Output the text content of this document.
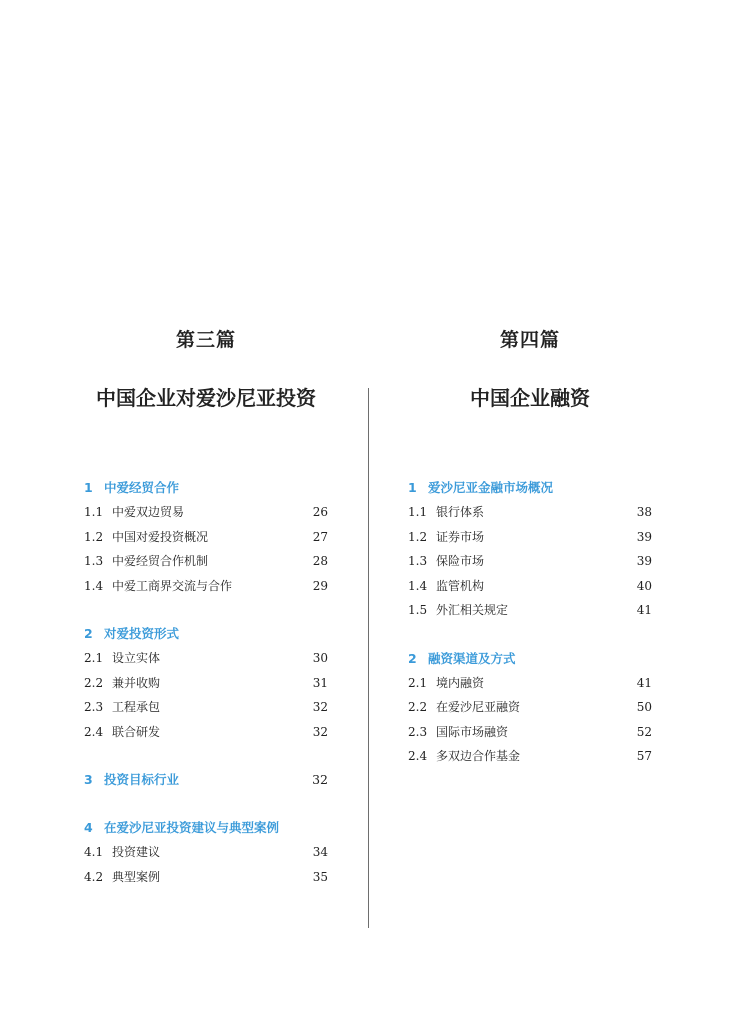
第三篇
中国企业对爱沙尼亚投资
1 中爱经贸合作
1.1 中爱双边贸易	26
1.2 中国对爱投资概况	27
1.3 中爱经贸合作机制	28
1.4 中爱工商界交流与合作	29
2 对爱投资形式
2.1 设立实体	30
2.2 兼并收购	31
2.3 工程承包	32
2.4 联合研发	32
3 投资目标行业	32
4 在爱沙尼亚投资建议与典型案例
4.1 投资建议	34
4.2 典型案例	35
第四篇
中国企业融资
1 爱沙尼亚金融市场概况
1.1 银行体系	38
1.2 证券市场	39
1.3 保险市场	39
1.4 监管机构	40
1.5 外汇相关规定	41
2 融资渠道及方式
2.1 境内融资	41
2.2 在爱沙尼亚融资	50
2.3 国际市场融资	52
2.4 多双边合作基金	57
